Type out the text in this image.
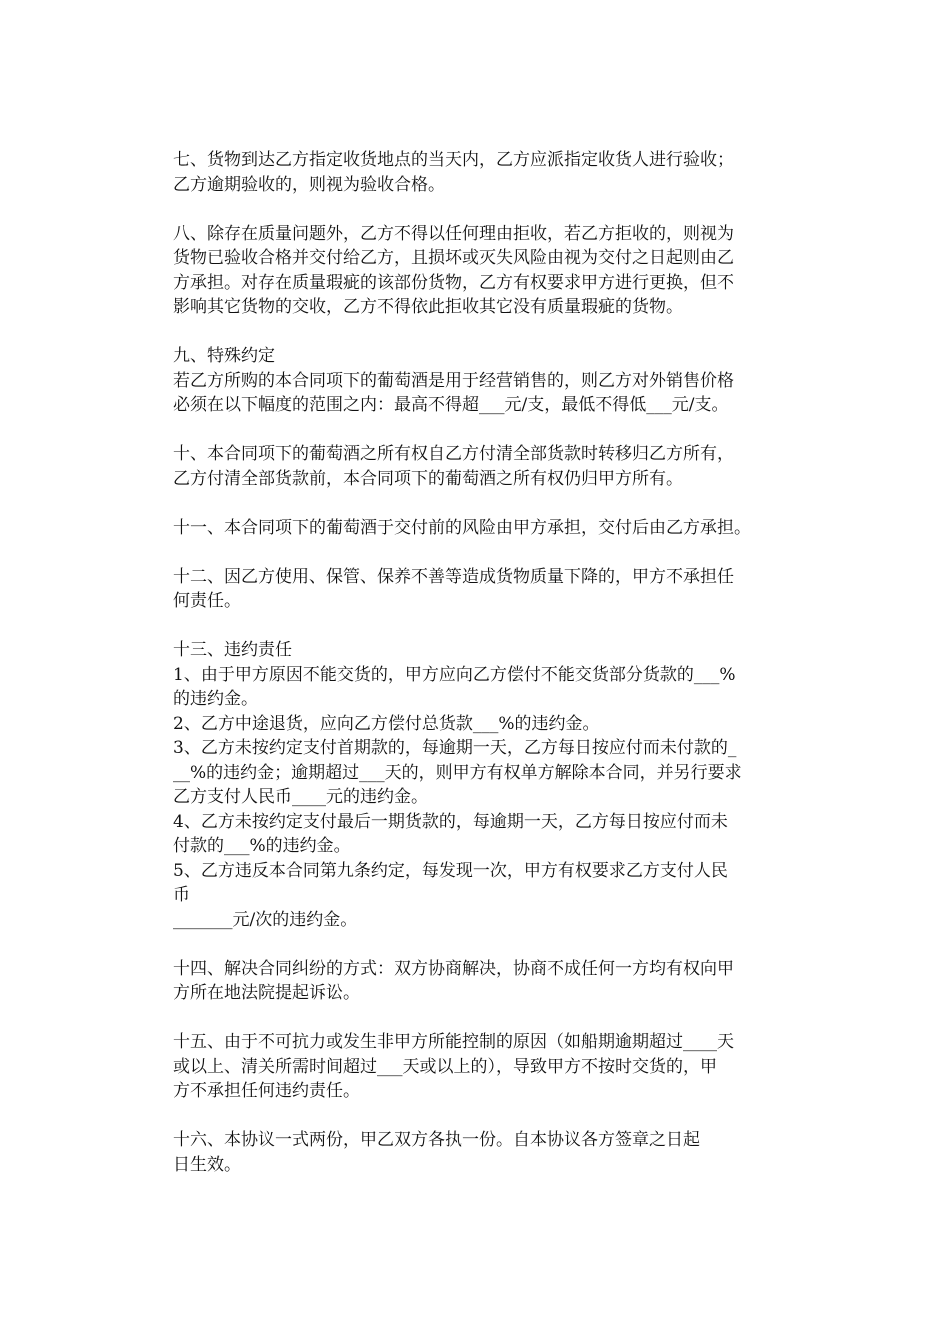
七、货物到达乙方指定收货地点的当天内，乙方应派指定收货人进行验收；
乙方逾期验收的，则视为验收合格。
八、除存在质量问题外，乙方不得以任何理由拒收，若乙方拒收的，则视为
货物已验收合格并交付给乙方，且损坏或灭失风险由视为交付之日起则由乙
方承担。对存在质量瑕疵的该部份货物，乙方有权要求甲方进行更换，但不
影响其它货物的交收，乙方不得依此拒收其它没有质量瑕疵的货物。
九、特殊约定
若乙方所购的本合同项下的葡萄酒是用于经营销售的，则乙方对外销售价格
必须在以下幅度的范围之内：最高不得超___元/支，最低不得低___元/支。
十、本合同项下的葡萄酒之所有权自乙方付清全部货款时转移归乙方所有，
乙方付清全部货款前，本合同项下的葡萄酒之所有权仍归甲方所有。
十一、本合同项下的葡萄酒于交付前的风险由甲方承担，交付后由乙方承担。
十二、因乙方使用、保管、保养不善等造成货物质量下降的，甲方不承担任
何责任。
十三、违约责任
1、由于甲方原因不能交货的，甲方应向乙方偿付不能交货部分货款的___%
的违约金。
2、乙方中途退货，应向乙方偿付总货款___%的违约金。
3、乙方未按约定支付首期款的，每逾期一天，乙方每日按应付而未付款的_
__%的违约金；逾期超过___天的，则甲方有权单方解除本合同，并另行要求
乙方支付人民币____元的违约金。
4、乙方未按约定支付最后一期货款的，每逾期一天，乙方每日按应付而未
付款的___%的违约金。
5、乙方违反本合同第九条约定，每发现一次，甲方有权要求乙方支付人民
币
_______元/次的违约金。
十四、解决合同纠纷的方式：双方协商解决，协商不成任何一方均有权向甲
方所在地法院提起诉讼。
十五、由于不可抗力或发生非甲方所能控制的原因（如船期逾期超过____天
或以上、清关所需时间超过___天或以上的），导致甲方不按时交货的，甲
方不承担任何违约责任。
十六、本协议一式两份，甲乙双方各执一份。自本协议各方签章之日起
日生效。
